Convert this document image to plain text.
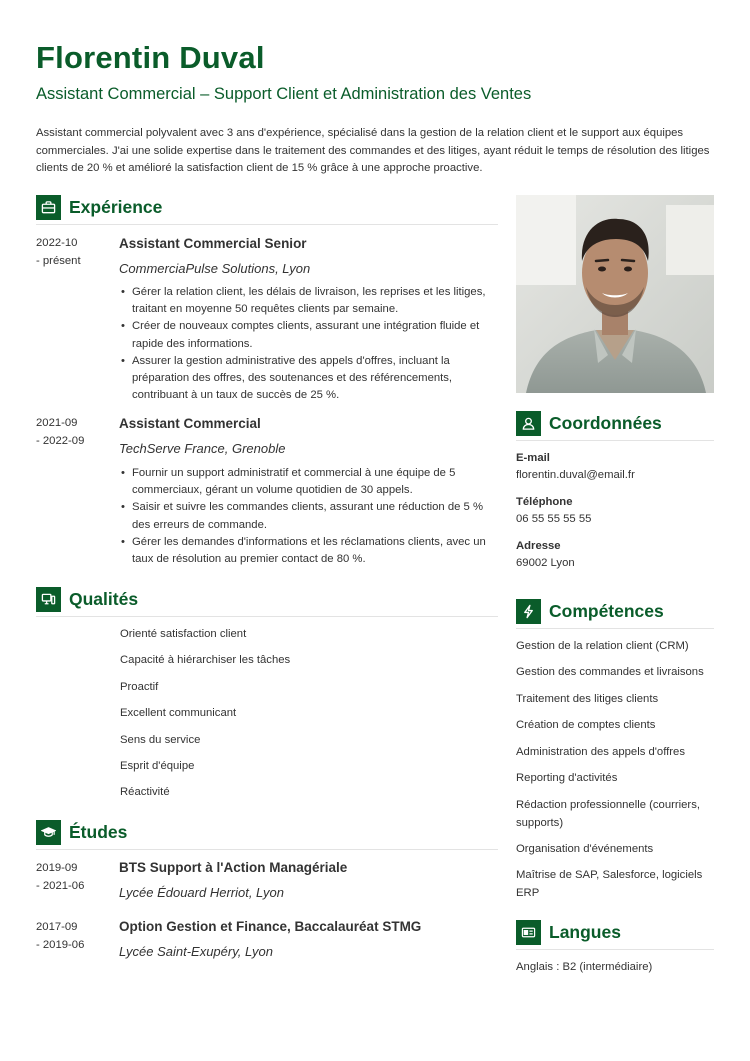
Florentin Duval
Assistant Commercial – Support Client et Administration des Ventes
Assistant commercial polyvalent avec 3 ans d'expérience, spécialisé dans la gestion de la relation client et le support aux équipes commerciales. J'ai une solide expertise dans le traitement des commandes et des litiges, ayant réduit le temps de résolution des litiges clients de 20 % et amélioré la satisfaction client de 15 % grâce à une approche proactive.
Expérience
2022-10
- présent
Assistant Commercial Senior
CommerciaPulse Solutions, Lyon
• Gérer la relation client, les délais de livraison, les reprises et les litiges, traitant en moyenne 50 requêtes clients par semaine.
• Créer de nouveaux comptes clients, assurant une intégration fluide et rapide des informations.
• Assurer la gestion administrative des appels d'offres, incluant la préparation des offres, des soutenances et des référencements, contribuant à un taux de succès de 25 %.
2021-09
- 2022-09
Assistant Commercial
TechServe France, Grenoble
• Fournir un support administratif et commercial à une équipe de 5 commerciaux, gérant un volume quotidien de 30 appels.
• Saisir et suivre les commandes clients, assurant une réduction de 5 % des erreurs de commande.
• Gérer les demandes d'informations et les réclamations clients, avec un taux de résolution au premier contact de 80 %.
Qualités
Orienté satisfaction client
Capacité à hiérarchiser les tâches
Proactif
Excellent communicant
Sens du service
Esprit d'équipe
Réactivité
Études
2019-09
- 2021-06
BTS Support à l'Action Managériale
Lycée Édouard Herriot, Lyon
2017-09
- 2019-06
Option Gestion et Finance, Baccalauréat STMG
Lycée Saint-Exupéry, Lyon
Coordonnées
E-mail
florentin.duval@email.fr
Téléphone
06 55 55 55 55
Adresse
69002 Lyon
Compétences
Gestion de la relation client (CRM)
Gestion des commandes et livraisons
Traitement des litiges clients
Création de comptes clients
Administration des appels d'offres
Reporting d'activités
Rédaction professionnelle (courriers, supports)
Organisation d'événements
Maîtrise de SAP, Salesforce, logiciels ERP
Langues
Anglais : B2 (intermédiaire)
